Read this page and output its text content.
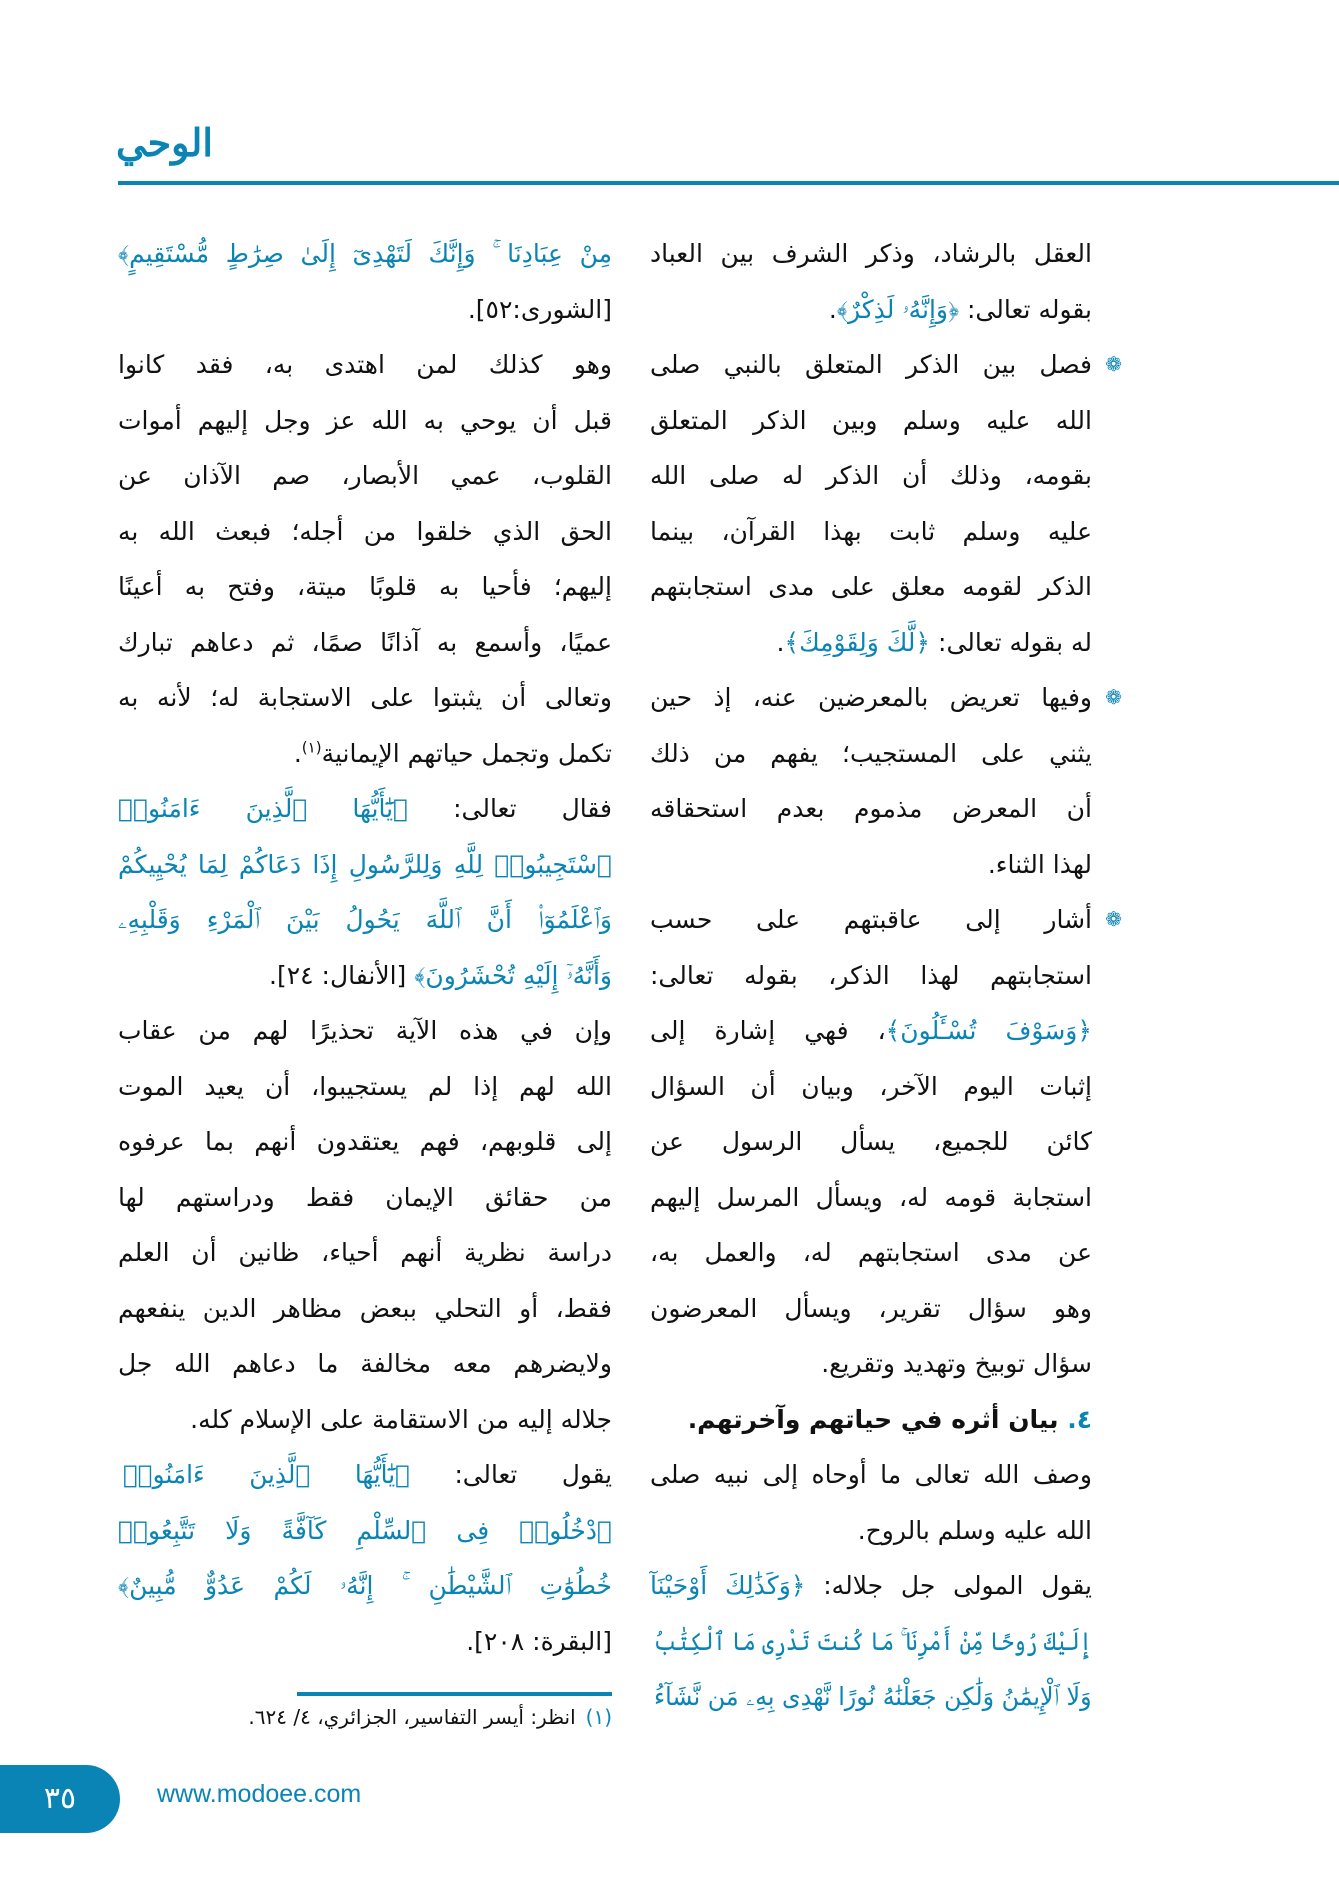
الوحي
العقل بالرشاد، وذكر الشرف بين العباد
بقوله تعالى: ﴿وَإِنَّهُۥ لَذِكْرٌ﴾.
❁
فصل بين الذكر المتعلق بالنبي صلى
الله عليه وسلم وبين الذكر المتعلق
بقومه، وذلك أن الذكر له صلى الله
عليه وسلم ثابت بهذا القرآن، بينما
الذكر لقومه معلق على مدى استجابتهم
له بقوله تعالى: ﴿لَّكَ وَلِقَوْمِكَ﴾.
❁
وفيها تعريض بالمعرضين عنه، إذ حين
يثني على المستجيب؛ يفهم من ذلك
أن المعرض مذموم بعدم استحقاقه
لهذا الثناء.
❁
أشار إلى عاقبتهم على حسب
استجابتهم لهذا الذكر، بقوله تعالى:
﴿وَسَوْفَ تُسْـَٔلُونَ﴾، فهي إشارة إلى
إثبات اليوم الآخر، وبيان أن السؤال
كائن للجميع، يسأل الرسول عن
استجابة قومه له، ويسأل المرسل إليهم
عن مدى استجابتهم له، والعمل به،
وهو سؤال تقرير، ويسأل المعرضون
سؤال توبيخ وتهديد وتقريع.
٤. بيان أثره في حياتهم وآخرتهم.
وصف الله تعالى ما أوحاه إلى نبيه صلى
الله عليه وسلم بالروح.
يقول المولى جل جلاله: ﴿وَكَذَٰلِكَ أَوْحَيْنَآ
إِلَيْكَ رُوحًا مِّنْ أَمْرِنَا ۚ مَا كُنتَ تَدْرِى مَا ٱلْكِتَٰبُ
وَلَا ٱلْإِيمَٰنُ وَلَٰكِن جَعَلْنَٰهُ نُورًا نَّهْدِى بِهِۦ مَن نَّشَآءُ
مِنْ عِبَادِنَا ۚ وَإِنَّكَ لَتَهْدِىٓ إِلَىٰ صِرَٰطٍ مُّسْتَقِيمٍ﴾
[الشورى:٥٢].
وهو كذلك لمن اهتدى به، فقد كانوا
قبل أن يوحي به الله عز وجل إليهم أموات
القلوب، عمي الأبصار، صم الآذان عن
الحق الذي خلقوا من أجله؛ فبعث الله به
إليهم؛ فأحيا به قلوبًا ميتة، وفتح به أعينًا
عميًا، وأسمع به آذانًا صمًا، ثم دعاهم تبارك
وتعالى أن يثبتوا على الاستجابة له؛ لأنه به
تكمل وتجمل حياتهم الإيمانية$^{(١)}$.
فقال تعالى: ﴿يَٰٓأَيُّهَا ٱلَّذِينَ ءَامَنُوا۟
ٱسْتَجِيبُوا۟ لِلَّهِ وَلِلرَّسُولِ إِذَا دَعَاكُمْ لِمَا يُحْيِيكُمْ
وَٱعْلَمُوٓا۟ أَنَّ ٱللَّهَ يَحُولُ بَيْنَ ٱلْمَرْءِ وَقَلْبِهِۦ
وَأَنَّهُۥٓ إِلَيْهِ تُحْشَرُونَ﴾ [الأنفال: ٢٤].
وإن في هذه الآية تحذيرًا لهم من عقاب
الله لهم إذا لم يستجيبوا، أن يعيد الموت
إلى قلوبهم، فهم يعتقدون أنهم بما عرفوه
من حقائق الإيمان فقط ودراستهم لها
دراسة نظرية أنهم أحياء، ظانين أن العلم
فقط، أو التحلي ببعض مظاهر الدين ينفعهم
ولايضرهم معه مخالفة ما دعاهم الله جل
جلاله إليه من الاستقامة على الإسلام كله.
يقول تعالى: ﴿يَٰٓأَيُّهَا ٱلَّذِينَ ءَامَنُوا۟
ٱدْخُلُوا۟ فِى ٱلسِّلْمِ كَآفَّةً وَلَا تَتَّبِعُوا۟
خُطُوَٰتِ ٱلشَّيْطَٰنِ ۚ إِنَّهُۥ لَكُمْ عَدُوٌّ مُّبِينٌ﴾
[البقرة: ٢٠٨].
(١)انظر: أيسر التفاسير، الجزائري، ٤/ ٦٢٤.
٣٥	www.modoee.com
